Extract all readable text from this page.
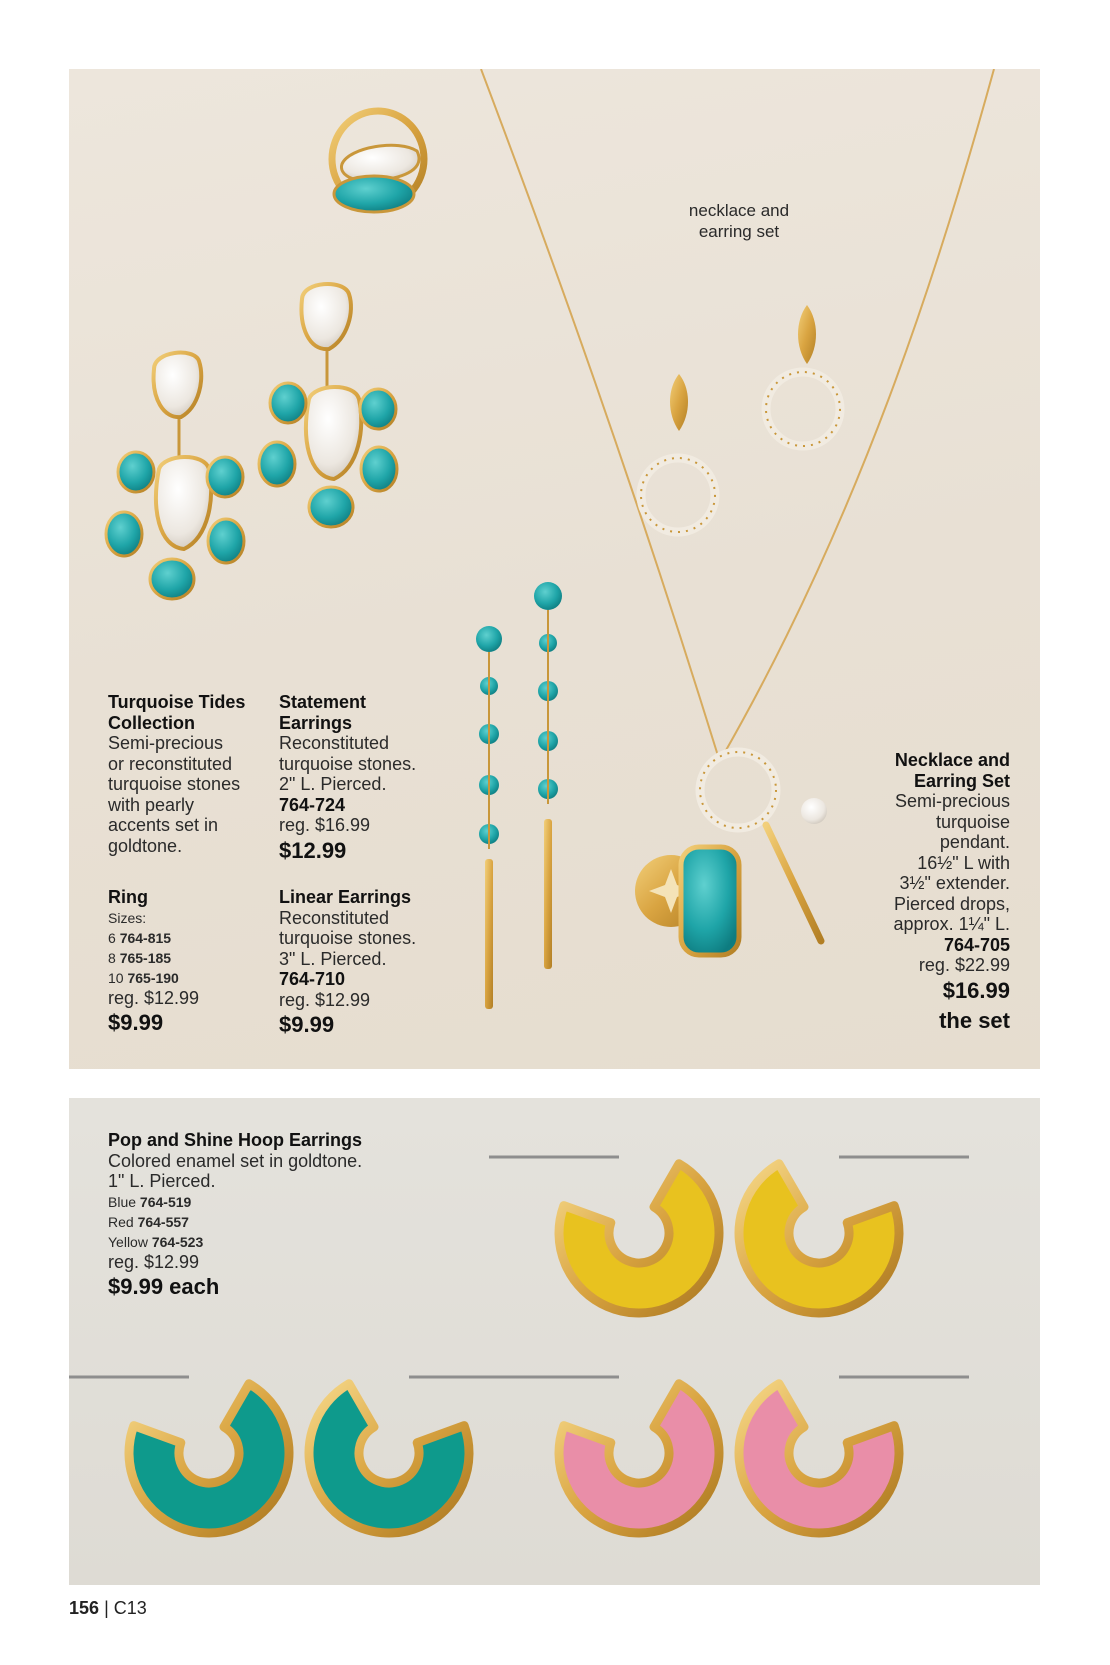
necklace and
earring set
Turquoise Tides
Collection
Semi-precious
or reconstituted
turquoise stones
with pearly
accents set in
goldtone.
Ring
Sizes:
6 764-815
8 765-185
10 765-190
reg. $12.99
$9.99
Statement
Earrings
Reconstituted
turquoise stones.
2" L. Pierced.
764-724
reg. $16.99
$12.99
Linear Earrings
Reconstituted
turquoise stones.
3" L. Pierced.
764-710
reg. $12.99
$9.99
Necklace and
Earring Set
Semi-precious
turquoise
pendant.
16½" L with
3½" extender.
Pierced drops,
approx. 1¼" L.
764-705
reg. $22.99
$16.99
the set
Pop and Shine Hoop Earrings
Colored enamel set in goldtone.
1" L. Pierced.
Blue 764-519
Red 764-557
Yellow 764-523
reg. $12.99
$9.99 each
156 | C13
